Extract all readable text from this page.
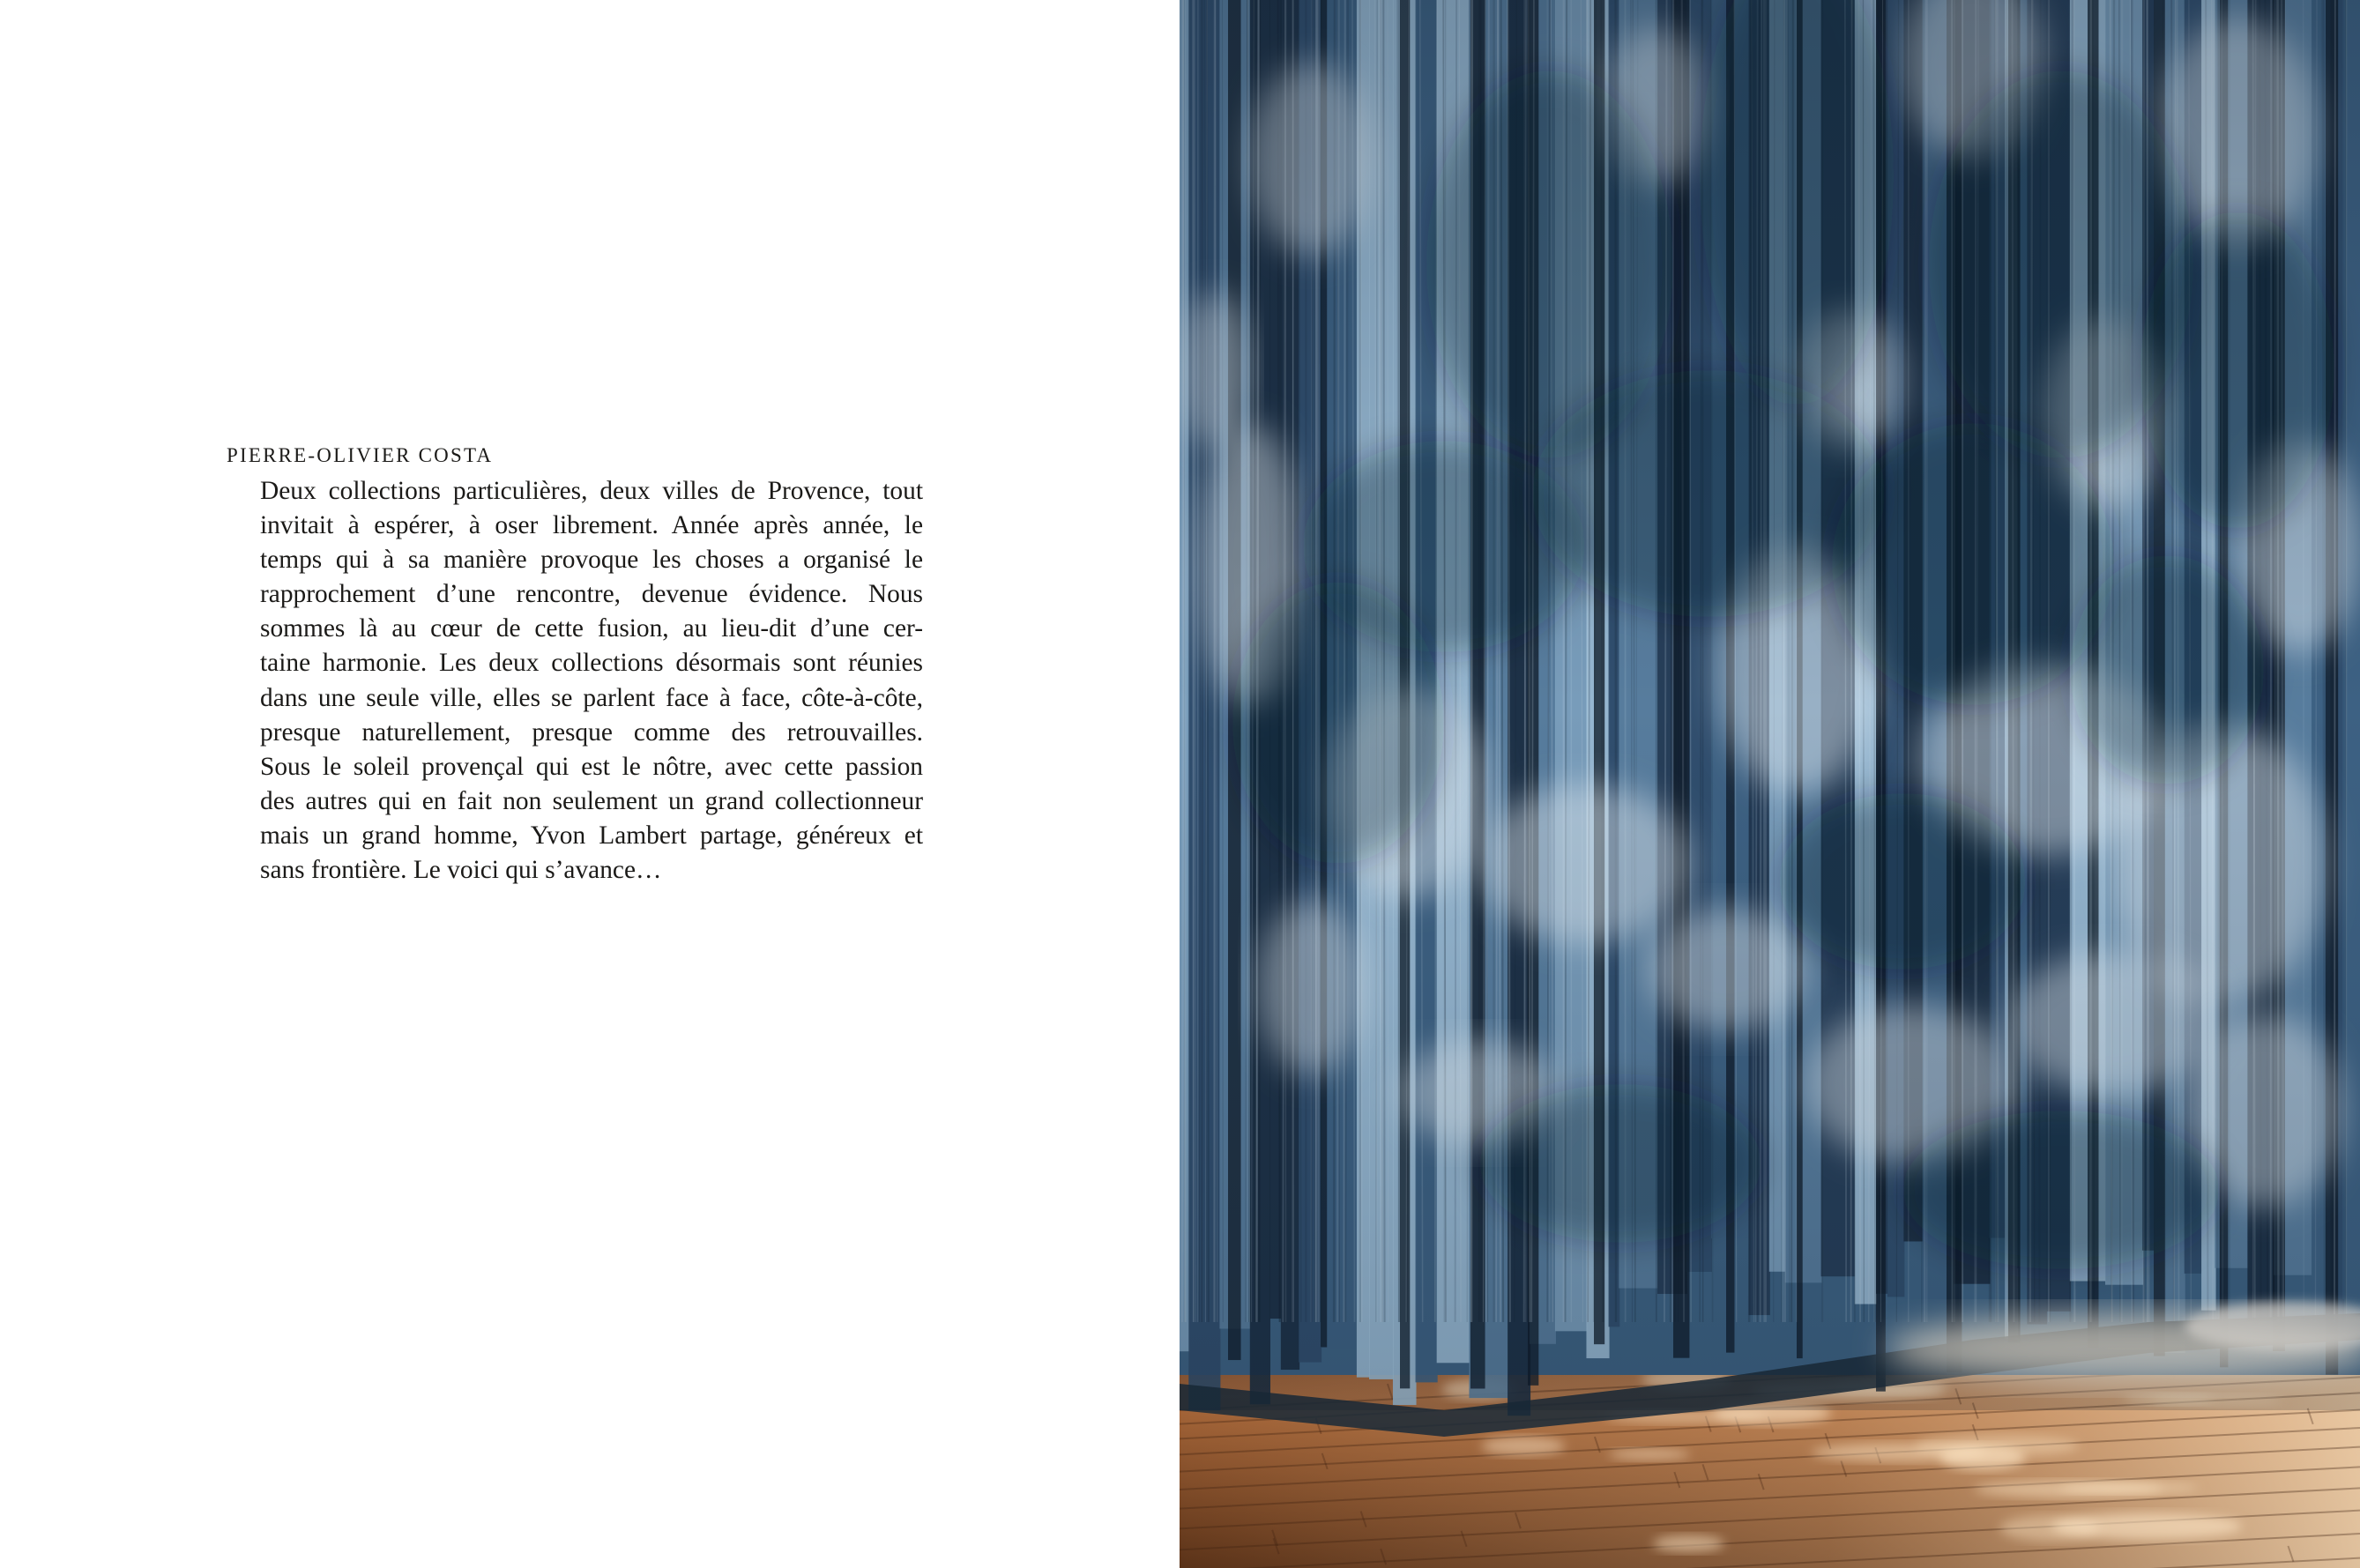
PIERRE-OLIVIER COSTA
Deux collections particulières, deux villes de Provence, tout
invitait à espérer, à oser librement. Année après année, le
temps qui à sa manière provoque les choses a organisé le
rapprochement d’une rencontre, devenue évidence. Nous
sommes là au cœur de cette fusion, au lieu-dit d’une cer-
taine harmonie. Les deux collections désormais sont réunies
dans une seule ville, elles se parlent face à face, côte-à-côte,
presque naturellement, presque comme des retrouvailles.
Sous le soleil provençal qui est le nôtre, avec cette passion
des autres qui en fait non seulement un grand collectionneur
mais un grand homme, Yvon Lambert partage, généreux et
sans frontière. Le voici qui s’avance…
